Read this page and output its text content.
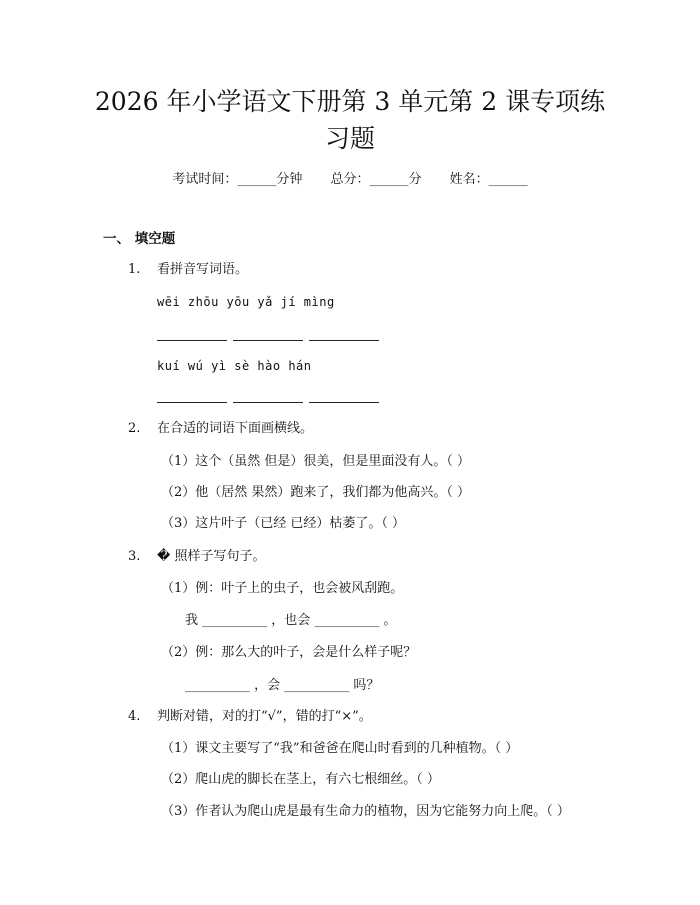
2026 年小学语文下册第 3 单元第 2 课专项练
习题
考试时间：______分钟 总分：______分 姓名：______
一、 填空题
1. 看拼音写词语。
wēi zhōu yōu yǎ jí mìng
kuí wú yì sè hào hán
2. 在合适的词语下面画横线。
（1）这个（虽然 但是）很美，但是里面没有人。（ ）
（2）他（居然 果然）跑来了，我们都为他高兴。（ ）
（3）这片叶子（已经 已经）枯萎了。（ ）
3. � 照样子写句子。
（1）例：叶子上的虫子，也会被风刮跑。
我 __________ ，也会 __________ 。
（2）例：那么大的叶子，会是什么样子呢？
__________ ，会 __________ 吗？
4. 判断对错，对的打“√”，错的打“×”。
（1）课文主要写了“我”和爸爸在爬山时看到的几种植物。（ ）
（2）爬山虎的脚长在茎上，有六七根细丝。（ ）
（3）作者认为爬山虎是最有生命力的植物，因为它能努力向上爬。（ ）
